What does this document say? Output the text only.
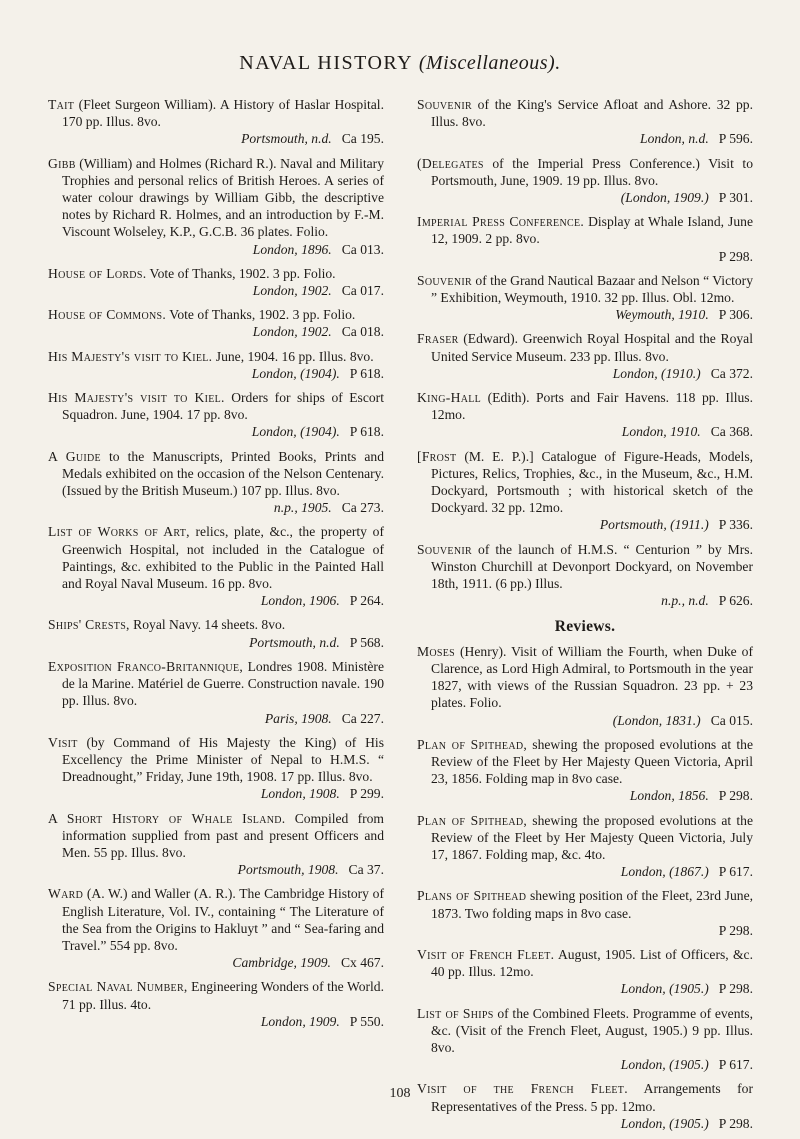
NAVAL HISTORY (Miscellaneous).

Tait (Fleet Surgeon William). A History of Haslar Hospital. 170 pp. Illus. 8vo.
Portsmouth, n.d. Ca 195.

Gibb (William) and Holmes (Richard R.). Naval and Military Trophies and personal relics of British Heroes. A series of water colour drawings by William Gibb, the descriptive notes by Richard R. Holmes, and an introduction by F.-M. Viscount Wolseley, K.P., G.C.B. 36 plates. Folio.
London, 1896. Ca 013.

House of Lords. Vote of Thanks, 1902. 3 pp. Folio.
London, 1902. Ca 017.

House of Commons. Vote of Thanks, 1902. 3 pp. Folio.
London, 1902. Ca 018.

His Majesty's visit to Kiel. June, 1904. 16 pp. Illus. 8vo.
London, (1904). P 618.

His Majesty's visit to Kiel. Orders for ships of Escort Squadron. June, 1904. 17 pp. 8vo.
London, (1904). P 618.

A Guide to the Manuscripts, Printed Books, Prints and Medals exhibited on the occasion of the Nelson Centenary. (Issued by the British Museum.) 107 pp. Illus. 8vo.
n.p., 1905. Ca 273.

List of Works of Art, relics, plate, &c., the property of Greenwich Hospital, not included in the Catalogue of Paintings, &c. exhibited to the Public in the Painted Hall and Royal Naval Museum. 16 pp. 8vo.
London, 1906. P 264.

Ships' Crests, Royal Navy. 14 sheets. 8vo.
Portsmouth, n.d. P 568.

Exposition Franco-Britannique, Londres 1908. Ministère de la Marine. Matériel de Guerre. Construction navale. 190 pp. Illus. 8vo.
Paris, 1908. Ca 227.

Visit (by Command of His Majesty the King) of His Excellency the Prime Minister of Nepal to H.M.S. “ Dreadnought,” Friday, June 19th, 1908. 17 pp. Illus. 8vo.
London, 1908. P 299.

A Short History of Whale Island. Compiled from information supplied from past and present Officers and Men. 55 pp. Illus. 8vo.
Portsmouth, 1908. Ca 37.

Ward (A. W.) and Waller (A. R.). The Cambridge History of English Literature, Vol. IV., containing “ The Literature of the Sea from the Origins to Hakluyt ” and “ Sea-faring and Travel.” 554 pp. 8vo.
Cambridge, 1909. Cx 467.

Special Naval Number, Engineering Wonders of the World. 71 pp. Illus. 4to.
London, 1909. P 550.

Souvenir of the King's Service Afloat and Ashore. 32 pp. Illus. 8vo.
London, n.d. P 596.

(Delegates of the Imperial Press Conference.) Visit to Portsmouth, June, 1909. 19 pp. Illus. 8vo.
(London, 1909.) P 301.

Imperial Press Conference. Display at Whale Island, June 12, 1909. 2 pp. 8vo.
P 298.

Souvenir of the Grand Nautical Bazaar and Nelson “ Victory ” Exhibition, Weymouth, 1910. 32 pp. Illus. Obl. 12mo.
Weymouth, 1910. P 306.

Fraser (Edward). Greenwich Royal Hospital and the Royal United Service Museum. 233 pp. Illus. 8vo.
London, (1910.) Ca 372.

King-Hall (Edith). Ports and Fair Havens. 118 pp. Illus. 12mo.
London, 1910. Ca 368.

[Frost (M. E. P.).] Catalogue of Figure-Heads, Models, Pictures, Relics, Trophies, &c., in the Museum, &c., H.M. Dockyard, Portsmouth ; with historical sketch of the Dockyard. 32 pp. 12mo.
Portsmouth, (1911.) P 336.

Souvenir of the launch of H.M.S. “ Centurion ” by Mrs. Winston Churchill at Devonport Dockyard, on November 18th, 1911. (6 pp.) Illus.
n.p., n.d. P 626.

Reviews.

Moses (Henry). Visit of William the Fourth, when Duke of Clarence, as Lord High Admiral, to Portsmouth in the year 1827, with views of the Russian Squadron. 23 pp. + 23 plates. Folio.
(London, 1831.) Ca 015.

Plan of Spithead, shewing the proposed evolutions at the Review of the Fleet by Her Majesty Queen Victoria, April 23, 1856. Folding map in 8vo case.
London, 1856. P 298.

Plan of Spithead, shewing the proposed evolutions at the Review of the Fleet by Her Majesty Queen Victoria, July 17, 1867. Folding map, &c. 4to.
London, (1867.) P 617.

Plans of Spithead shewing position of the Fleet, 23rd June, 1873. Two folding maps in 8vo case.
P 298.

Visit of French Fleet. August, 1905. List of Officers, &c. 40 pp. Illus. 12mo.
London, (1905.) P 298.

List of Ships of the Combined Fleets. Programme of events, &c. (Visit of the French Fleet, August, 1905.) 9 pp. Illus. 8vo.
London, (1905.) P 617.

Visit of the French Fleet. Arrangements for Representatives of the Press. 5 pp. 12mo.
London, (1905.) P 298.

108
